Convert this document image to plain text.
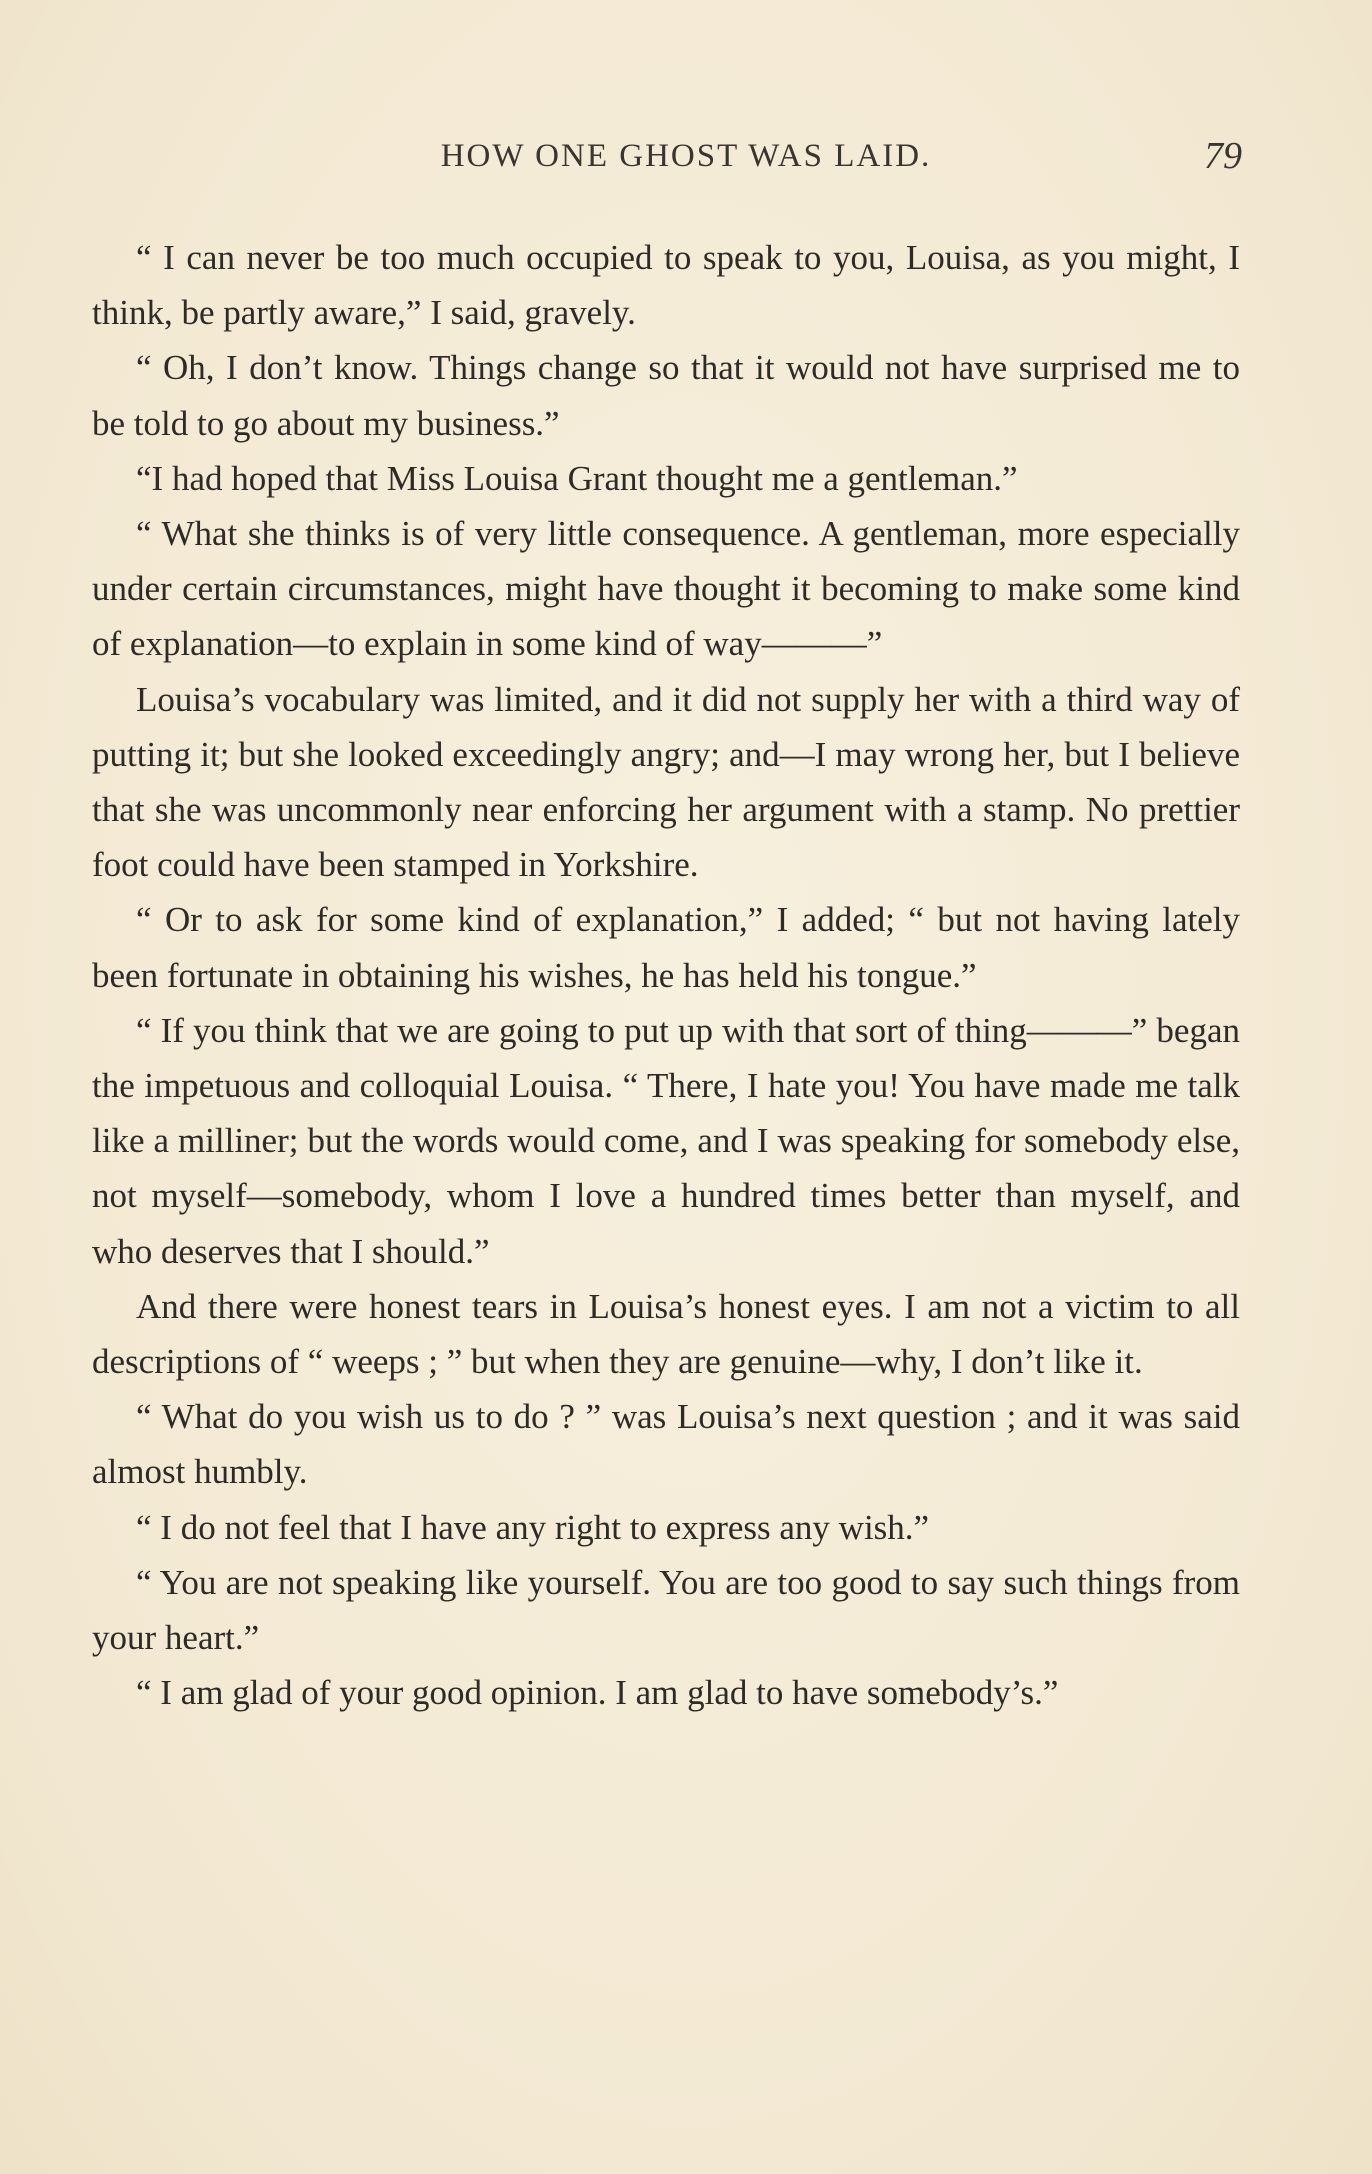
HOW ONE GHOST WAS LAID.	79

“ I can never be too much occupied to speak to you, Louisa, as you might, I think, be partly aware,” I said, gravely.

“ Oh, I don’t know. Things change so that it would not have surprised me to be told to go about my business.”

“I had hoped that Miss Louisa Grant thought me a gentleman.”

“ What she thinks is of very little consequence. A gentleman, more especially under certain circumstances, might have thought it becoming to make some kind of explanation—to explain in some kind of way———”

Louisa’s vocabulary was limited, and it did not supply her with a third way of putting it; but she looked exceedingly angry; and—I may wrong her, but I believe that she was uncommonly near enforcing her argument with a stamp. No prettier foot could have been stamped in Yorkshire.

“ Or to ask for some kind of explanation,” I added; “ but not having lately been fortunate in obtaining his wishes, he has held his tongue.”

“ If you think that we are going to put up with that sort of thing———” began the impetuous and colloquial Louisa. “ There, I hate you! You have made me talk like a milliner; but the words would come, and I was speaking for somebody else, not myself—somebody, whom I love a hundred times better than myself, and who deserves that I should.”

And there were honest tears in Louisa’s honest eyes. I am not a victim to all descriptions of “ weeps ; ” but when they are genuine—why, I don’t like it.

“ What do you wish us to do ? ” was Louisa’s next question ; and it was said almost humbly.

“ I do not feel that I have any right to express any wish.”

“ You are not speaking like yourself. You are too good to say such things from your heart.”

“ I am glad of your good opinion. I am glad to have somebody’s.”
